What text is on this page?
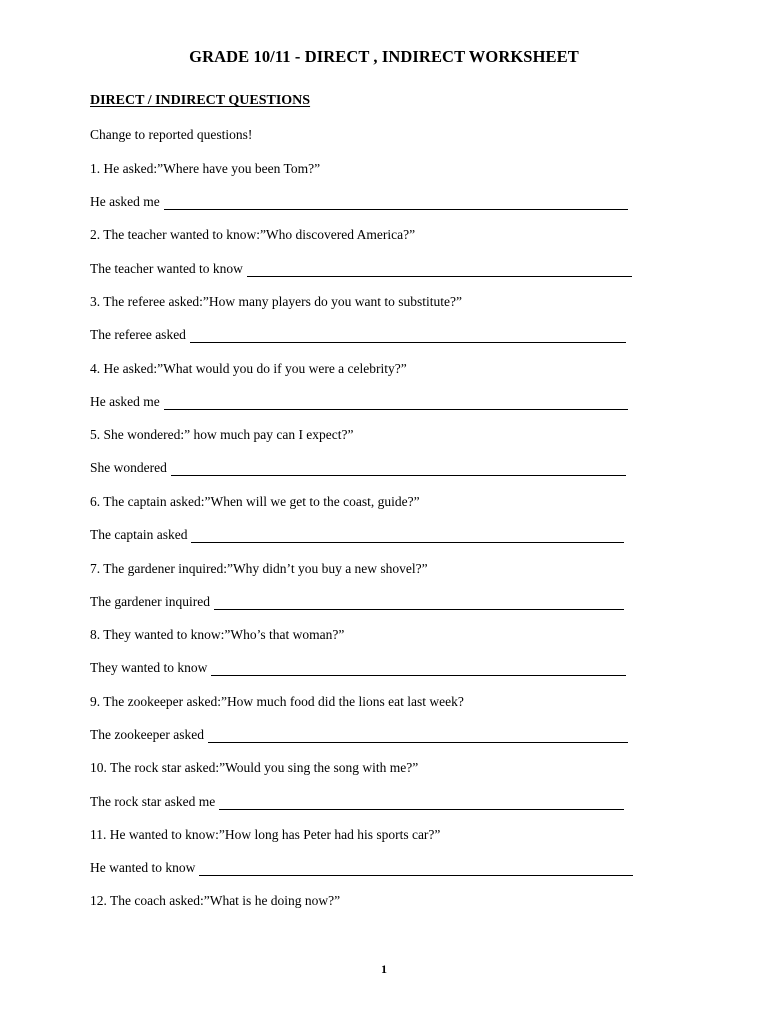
GRADE 10/11 - DIRECT , INDIRECT WORKSHEET
DIRECT / INDIRECT QUESTIONS
Change to reported questions!
1. He asked:”Where have you been Tom?”
He asked me
2. The teacher wanted to know:”Who discovered America?”
The teacher wanted to know
3. The referee asked:”How many players do you want to substitute?”
The referee asked
4. He asked:”What would you do if you were a celebrity?”
He asked me
5. She wondered:” how much pay can I expect?”
She wondered
6. The captain asked:”When will we get to the coast, guide?”
The captain asked
7. The gardener inquired:”Why didn’t you buy a new shovel?”
The gardener inquired
8. They wanted to know:”Who’s that woman?”
They wanted to know
9. The zookeeper asked:”How much food did the lions eat last week?
The zookeeper asked
10. The rock star asked:”Would you sing the song with me?”
The rock star asked me
11. He wanted to know:”How long has Peter had his sports car?”
He wanted to know
12. The coach asked:”What is he doing now?”
1
